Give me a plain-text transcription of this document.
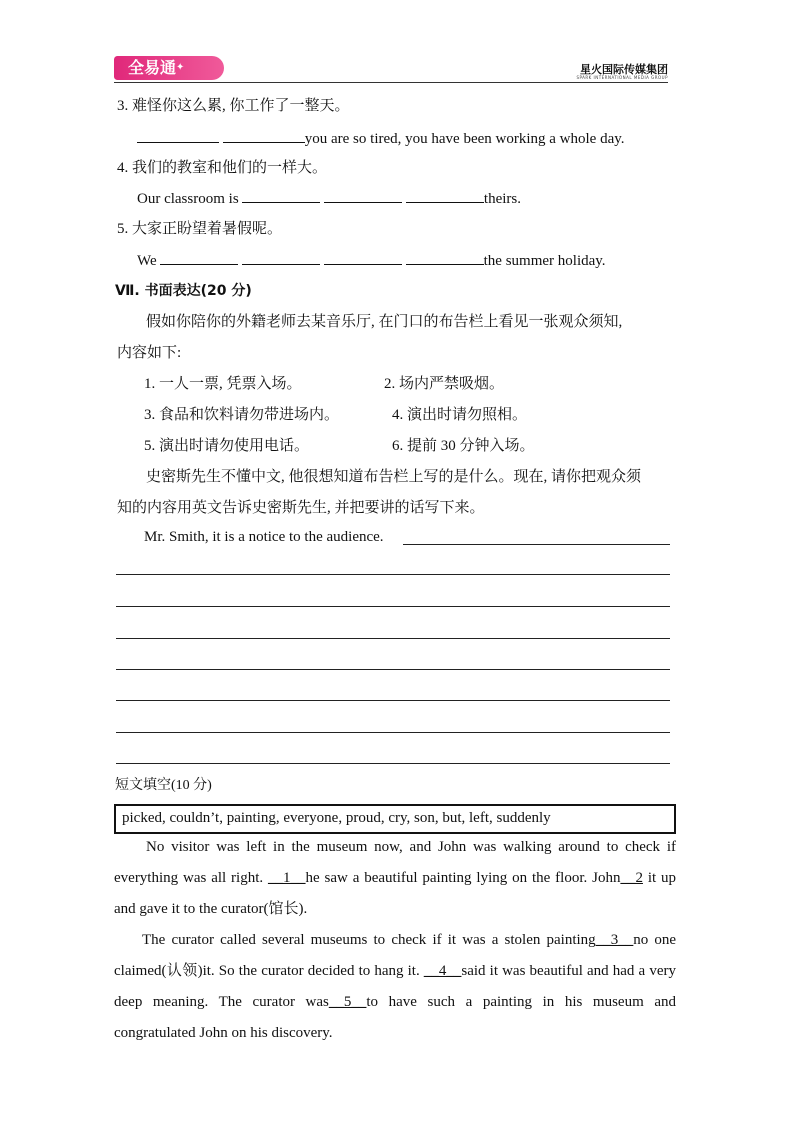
全易通✦	星火国际传媒集团
SPARK INTERNATIONAL MEDIA GROUP
3. 难怪你这么累, 你工作了一整天。
you are so tired, you have been working a whole day.
4. 我们的教室和他们的一样大。
Our classroom is	theirs.
5. 大家正盼望着暑假呢。
We	the summer holiday.
Ⅶ. 书面表达(20 分)
假如你陪你的外籍老师去某音乐厅, 在门口的布告栏上看见一张观众须知,
内容如下:
1. 一人一票, 凭票入场。	2. 场内严禁吸烟。
3. 食品和饮料请勿带进场内。	4. 演出时请勿照相。
5. 演出时请勿使用电话。	6. 提前 30 分钟入场。
史密斯先生不懂中文, 他很想知道布告栏上写的是什么。现在, 请你把观众须
知的内容用英文告诉史密斯先生, 并把要讲的话写下来。
Mr. Smith, it is a notice to the audience.
短文填空(10 分)
picked, couldn’t, painting, everyone, proud, cry, son, but, left, suddenly
No visitor was left in the museum now, and John was walking around to check if everything was all right. __1__he saw a beautiful painting lying on the floor. John__2 it up and gave it to the curator(馆长).
The curator called several museums to check if it was a stolen painting__3__no one claimed(认领)it. So the curator decided to hang it. __4__said it was beautiful and had a very deep meaning. The curator was__5__to have such a painting in his museum and congratulated John on his discovery.
